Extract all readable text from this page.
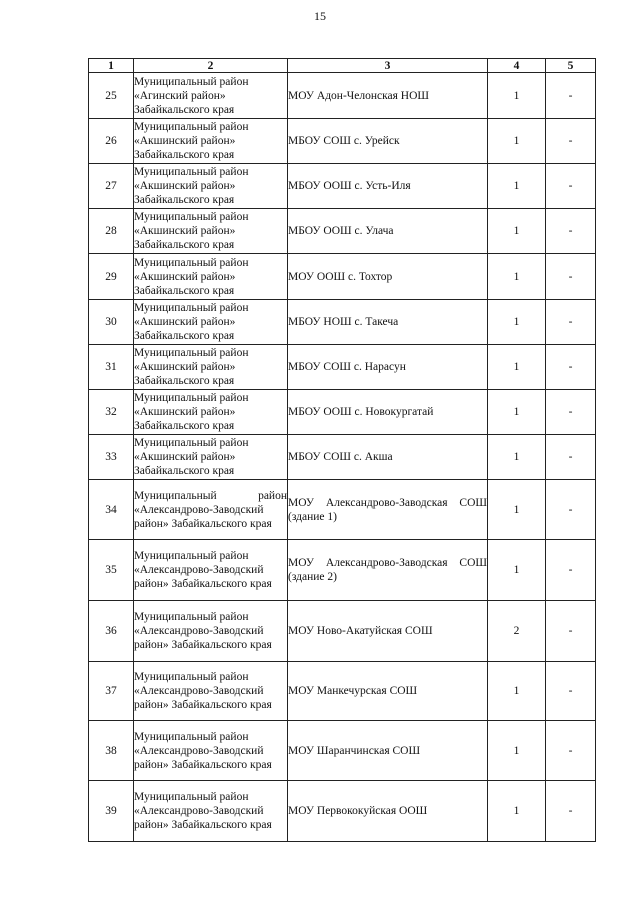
15
1	2	3	4	5
25	Муниципальный район «Агинский район» Забайкальского края	МОУ Адон-Челонская НОШ	1	-
26	Муниципальный район «Акшинский район» Забайкальского края	МБОУ СОШ с. Урейск	1	-
27	Муниципальный район «Акшинский район» Забайкальского края	МБОУ ООШ с. Усть-Иля	1	-
28	Муниципальный район «Акшинский район» Забайкальского края	МБОУ ООШ с. Улача	1	-
29	Муниципальный район «Акшинский район» Забайкальского края	МОУ ООШ с. Тохтор	1	-
30	Муниципальный район «Акшинский район» Забайкальского края	МБОУ НОШ с. Такеча	1	-
31	Муниципальный район «Акшинский район» Забайкальского края	МБОУ СОШ с. Нарасун	1	-
32	Муниципальный район «Акшинский район» Забайкальского края	МБОУ ООШ с. Новокургатай	1	-
33	Муниципальный район «Акшинский район» Забайкальского края	МБОУ СОШ с. Акша	1	-
34	Муниципальный район «Александрово-Заводский район» Забайкальского края	МОУ Александрово-Заводская СОШ (здание 1)	1	-
35	Муниципальный район «Александрово-Заводский район» Забайкальского края	МОУ Александрово-Заводская СОШ (здание 2)	1	-
36	Муниципальный район «Александрово-Заводский район» Забайкальского края	МОУ Ново-Акатуйская СОШ	2	-
37	Муниципальный район «Александрово-Заводский район» Забайкальского края	МОУ Манкечурская СОШ	1	-
38	Муниципальный район «Александрово-Заводский район» Забайкальского края	МОУ Шаранчинская СОШ	1	-
39	Муниципальный район «Александрово-Заводский район» Забайкальского края	МОУ Первококуйская ООШ	1	-
